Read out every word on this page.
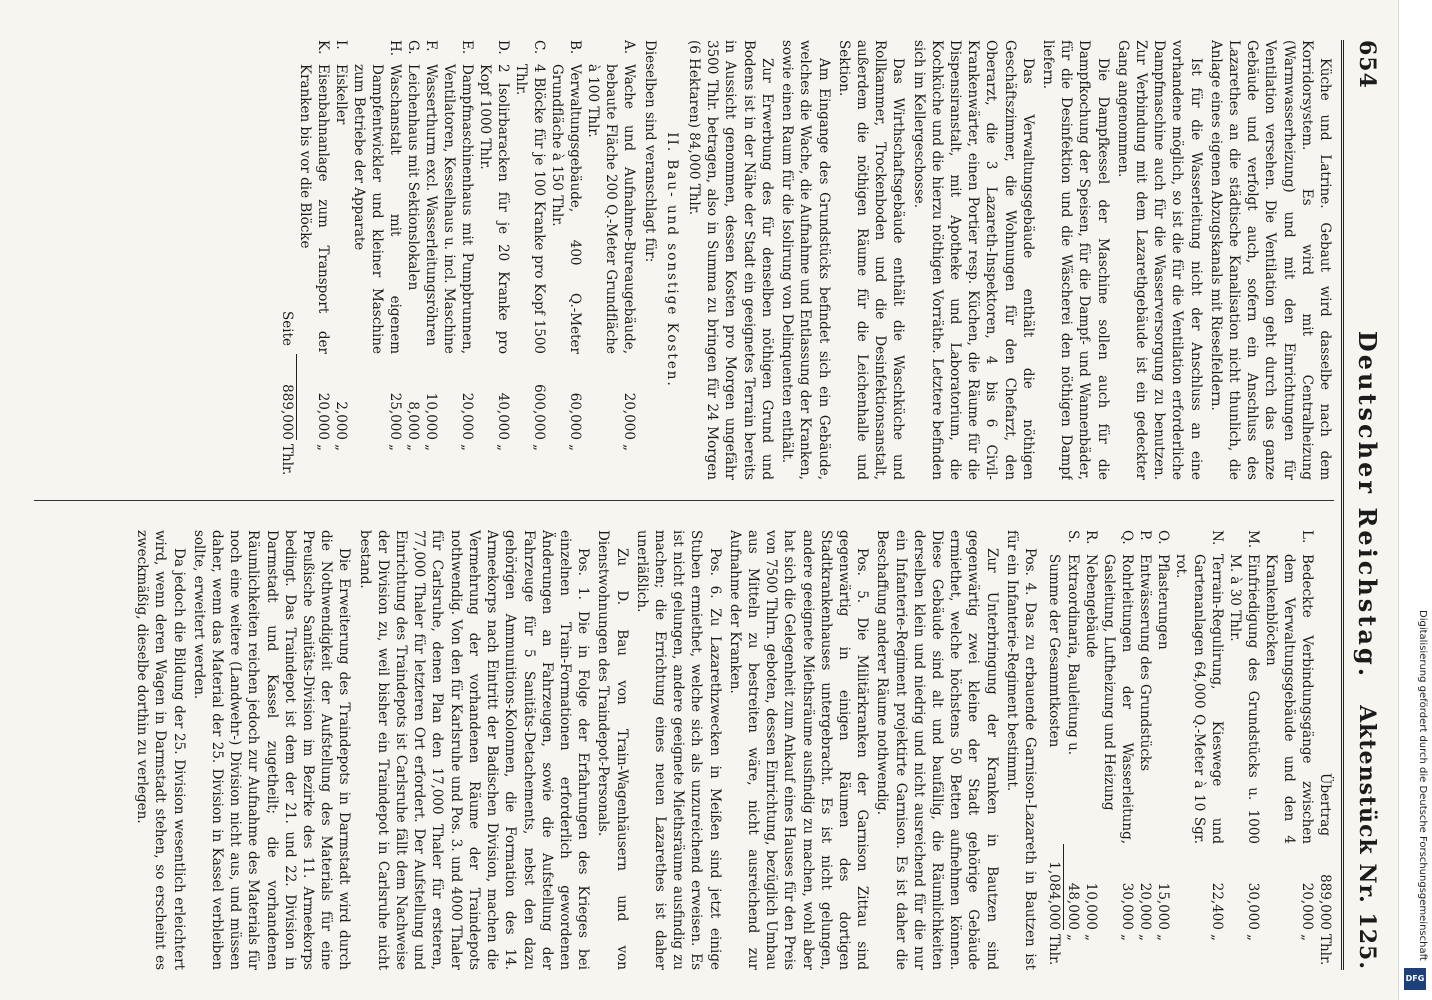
654
Deutscher Reichstag.
Aktenstück Nr. 125.

Küche und Latrine. Gebaut wird dasselbe nach dem Korridorsystem. Es wird mit Centralheizung (Warmwasserheizung) und mit den Einrichtungen für Ventilation versehen. Die Ventilation geht durch das ganze Gebäude und verfolgt auch, sofern ein Anschluss des Lazarethes an die städtische Kanalisation nicht thunlich, die Anlage eines eigenen Abzugskanals mit Rieselfeldern.

Ist für die Wasserleitung nicht der Anschluss an eine vorhandene möglich, so ist die für die Ventilation erforderliche Dampfmaschine auch für die Wasserversorgung zu benutzen. Zur Verbindung mit dem Lazarethgebäude ist ein gedeckter Gang angenommen.

Die Dampfkessel der Maschine sollen auch für die Dampfkochung der Speisen, für die Dampf- und Wannenbäder, für die Desinfektion und die Wäscherei den nöthigen Dampf liefern.

Das Verwaltungsgebäude enthält die nöthigen Geschäftszimmer, die Wohnungen für den Chefarzt, den Oberarzt, die 3 Lazareth-Inspektoren, 4 bis 6 Civil-Krankenwärter, einen Portier resp. Küchen, die Räume für die Dispensiranstalt, mit Apotheke und Laboratorium, die Kochküche und die hierzu nöthigen Vorräthe. Letztere befinden sich im Kellergeschosse.

Das Wirthschaftsgebäude enthält die Waschküche und Rollkammer, Trockenboden und die Desinfektionsanstalt, außerdem die nöthigen Räume für die Leichenhalle und Sektion.

Am Eingange des Grundstücks befindet sich ein Gebäude, welches die Wache, die Aufnahme und Entlassung der Kranken, sowie einen Raum für die Isolirung von Delinquenten enthält.

Zur Erwerbung des für denselben nöthigen Grund und Bodens ist in der Nähe der Stadt ein geeignetes Terrain bereits in Aussicht genommen, dessen Kosten pro Morgen ungefähr 3500 Thlr. betragen, also in Summa zu bringen für 24 Morgen (6 Hektaren) 84,000 Thlr.

II. Bau- und sonstige Kosten.

Dieselben sind veranschlagt für:

A.	Wache und Aufnahme-Bureaugebäude, bebaute Fläche 200 Q.-Meter Grundfläche à 100 Thlr.	20,000	„
B.	Verwaltungsgebäude, 400 Q.-Meter Grundfläche à 150 Thlr.	60,000	„
C.	4 Blöcke für je 100 Kranke pro Kopf 1500 Thlr.	600,000	„
D.	2 Isolirbaracken für je 20 Kranke pro Kopf 1000 Thlr.	40,000	„
E.	Dampfmaschinenhaus mit Pumpbrunnen, Ventilatoren, Kesselhaus u. incl. Maschine	20,000	„
F.	Wasserthurm excl. Wasserleitungsröhren	10,000	„
G.	Leichenhaus mit Sektionslokalen	8,000	„
H.	Waschanstalt mit eigenem Dampfentwickler und kleiner Maschine zum Betriebe der Apparate	25,000	„
I.	Eiskeller	2,000	„
K.	Eisenbahnanlage zum Transport der Kranken bis vor die Blöcke	20,000	„
	Seite	889,000	Thlr.
	Übertrag	889,000	Thlr.
L.	Bedeckte Verbindungsgänge zwischen dem Verwaltungsgebäude und den 4 Krankenblöcken	20,000	„
M.	Einfriedigung des Grundstücks u. 1000 M. à 30 Thlr.	30,000	„
N.	Terrain-Regulirung, Kieswege und Gartenanlagen 64,000 Q.-Meter à 10 Sgr. rot.	22,400	„
O.	Pflasterungen	15,000	„
P.	Entwässerung des Grundstücks	20,000	„
Q.	Rohrleitungen der Wasserleitung, Gasleitung, Luftheizung und Heizung	30,000	„
R.	Nebengebäude	10,000	„
S.	Extraordinaria, Bauleitung u.	48,000	„
	Summe der Gesammtkosten	1,084,000	Thlr.

Pos. 4. Das zu erbauende Garnison-Lazareth in Bautzen ist für ein Infanterie-Regiment bestimmt.

Zur Unterbringung der Kranken in Bautzen sind gegenwärtig zwei kleine der Stadt gehörige Gebäude ermiethet, welche höchstens 50 Betten aufnehmen können. Diese Gebäude sind alt und baufällig, die Räumlichkeiten derselben klein und niedrig und nicht ausreichend für die nur ein Infanterie-Regiment projektirte Garnison. Es ist daher die Beschaffung anderer Räume nothwendig.

Pos. 5. Die Militärkranken der Garnison Zittau sind gegenwärtig in einigen Räumen des dortigen Stadtkrankenhauses untergebracht. Es ist nicht gelungen, andere geeignete Miethsräume ausfindig zu machen, wohl aber hat sich die Gelegenheit zum Ankauf eines Hauses für den Preis von 7500 Thlrn. geboten, dessen Einrichtung, bezüglich Umbau aus Mitteln zu bestreiten wäre, nicht ausreichend zur Aufnahme der Kranken.

Pos. 6. Zu Lazarethzwecken in Meißen sind jetzt einige Stuben ermiethet, welche sich als unzureichend erweisen. Es ist nicht gelungen, andere geeignete Miethsräume ausfindig zu machen; die Errichtung eines neuen Lazarethes ist daher unerläßlich.

Zu D. Bau von Train-Wagenhäusern und von Dienstwohnungen des Traindepot-Personals.

Pos. 1. Die in Folge der Erfahrungen des Krieges bei einzelnen Train-Formationen erforderlich gewordenen Änderungen an Fahrzeugen, sowie die Aufstellung der Fahrzeuge für 5 Sanitäts-Detachements, nebst den dazu gehörigen Ammunitions-Kolonnen, die Formation des 14. Armeekorps nach Eintritt der Badischen Division, machen die Vermehrung der vorhandenen Räume der Traindepots nothwendig. Von den für Karlsruhe und Pos. 3. und 4000 Thaler für Carlsruhe, denen Plan den 17,000 Thaler für ersteren, 77,000 Thaler für letzteren Ort erfordert. Der Aufstellung und Einrichtung des Traindepots ist Carlsruhe fällt dem Nachweise der Division zu, weil bisher ein Traindepot in Carlsruhe nicht bestand.

Die Erweiterung des Traindepots in Darmstadt wird durch die Nothwendigkeit der Aufstellung des Materials für eine Preußische Sanitäts-Division im Bezirke des 11. Armeekorps bedingt. Das Traindepot ist dem der 21. und 22. Division in Darmstadt und Kassel zugetheilt; die vorhandenen Räumlichkeiten reichen jedoch zur Aufnahme des Materials für noch eine weitere (Landwehr-) Division nicht aus, und müssen daher, wenn das Material der 25. Division in Kassel verbleiben sollte, erweitert werden.

Da jedoch die Bildung der 25. Division wesentlich erleichtert wird, wenn deren Wagen in Darmstadt stehen, so erscheint es zweckmäßig, dieselbe dorthin zu verlegen.	Digitalisierung gefördert durch die Deutsche Forschungsgemeinschaft
DFG
